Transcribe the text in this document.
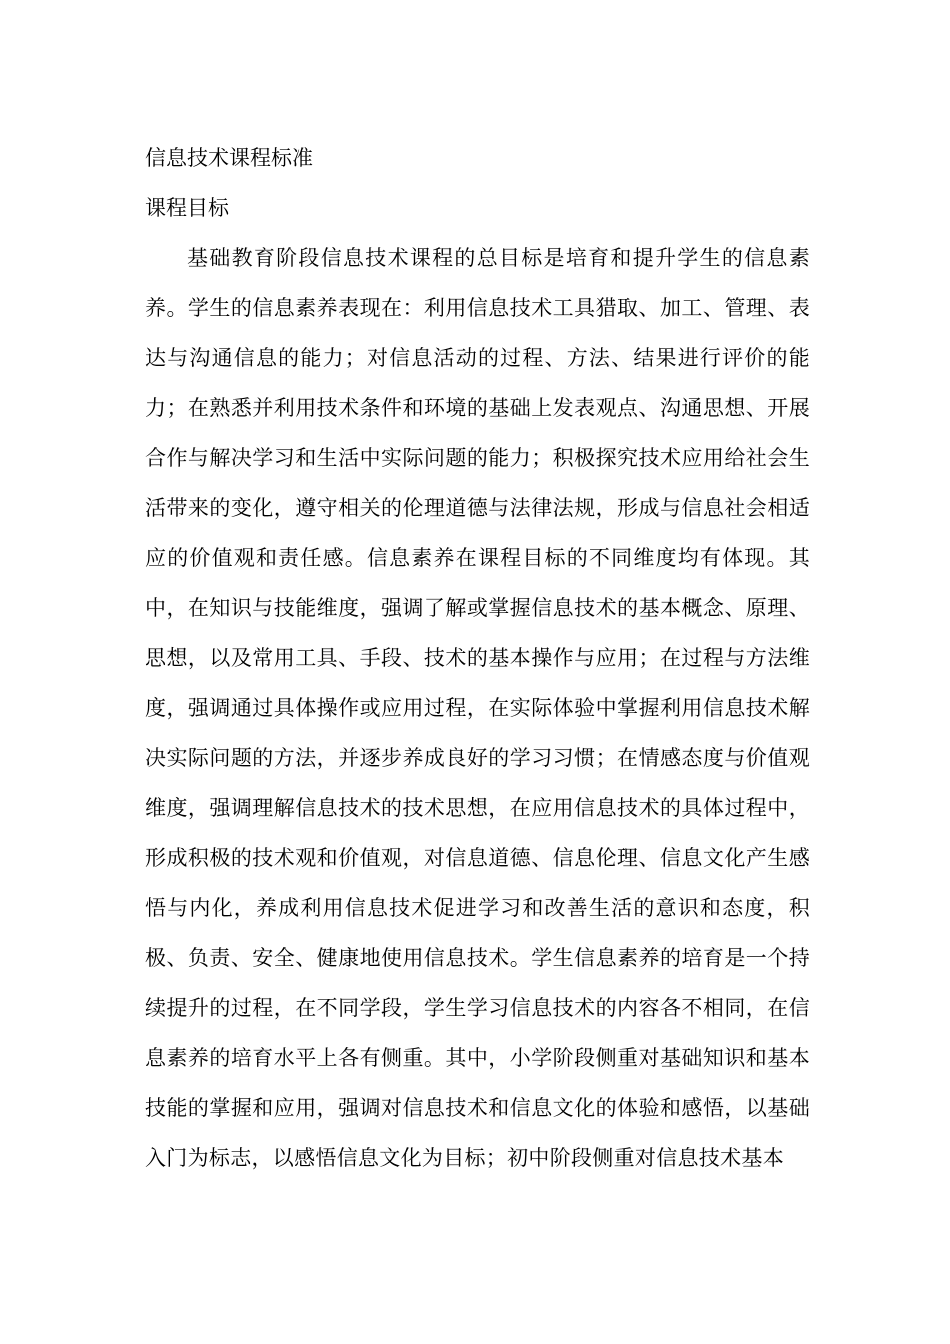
信息技术课程标准
课程目标

基础教育阶段信息技术课程的总目标是培育和提升学生的信息素养。学生的信息素养表现在：利用信息技术工具猎取、加工、管理、表达与沟通信息的能力；对信息活动的过程、方法、结果进行评价的能力；在熟悉并利用技术条件和环境的基础上发表观点、沟通思想、开展合作与解决学习和生活中实际问题的能力；积极探究技术应用给社会生活带来的变化，遵守相关的伦理道德与法律法规，形成与信息社会相适应的价值观和责任感。信息素养在课程目标的不同维度均有体现。其中，在知识与技能维度，强调了解或掌握信息技术的基本概念、原理、思想，以及常用工具、手段、技术的基本操作与应用；在过程与方法维度，强调通过具体操作或应用过程，在实际体验中掌握利用信息技术解决实际问题的方法，并逐步养成良好的学习习惯；在情感态度与价值观维度，强调理解信息技术的技术思想，在应用信息技术的具体过程中，形成积极的技术观和价值观，对信息道德、信息伦理、信息文化产生感悟与内化，养成利用信息技术促进学习和改善生活的意识和态度，积极、负责、安全、健康地使用信息技术。学生信息素养的培育是一个持续提升的过程，在不同学段，学生学习信息技术的内容各不相同，在信息素养的培育水平上各有侧重。其中，小学阶段侧重对基础知识和基本技能的掌握和应用，强调对信息技术和信息文化的体验和感悟，以基础入门为标志，以感悟信息文化为目标；初中阶段侧重对信息技术基本
